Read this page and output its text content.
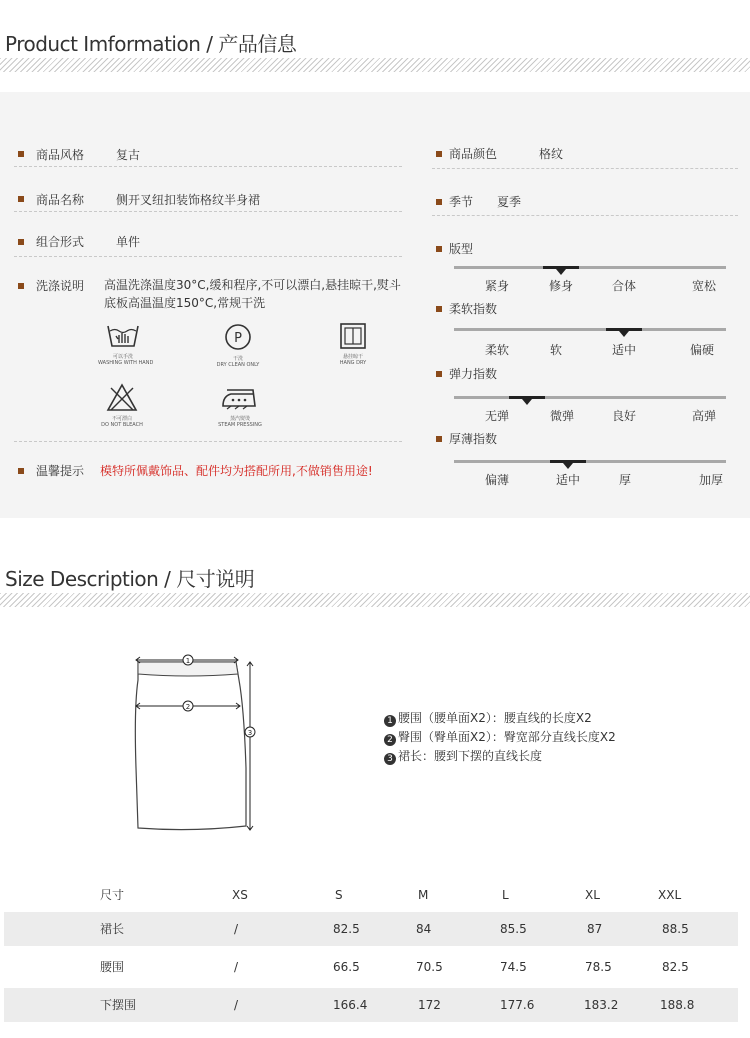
Product Imformation / 产品信息
商品风格	复古
商品名称	侧开叉纽扣装饰格纹半身裙
组合形式	单件
洗涤说明 高温洗涤温度30°C,缓和程序,不可以漂白,悬挂晾干,熨斗底板高温温度150°C,常规干洗
可以手洗
WASHING WITH HAND
P
干洗
DRY CLEAN ONLY
悬挂晾干
HANG DRY
不可漂白
DO NOT BLEACH
蒸汽熨烫
STEAM PRESSING
温馨提示 模特所佩戴饰品、配件均为搭配所用,不做销售用途!
商品颜色	格纹
季节 夏季
版型
紧身	修身	合体	宽松
柔软指数
柔软	软	适中	偏硬
弹力指数
无弹	微弹	良好	高弹
厚薄指数
偏薄	适中	厚	加厚
Size Description / 尺寸说明
1
2
3
1 腰围（腰单面X2）：腰直线的长度X2
2 臀围（臀单面X2）：臀宽部分直线长度X2
3 裙长：腰到下摆的直线长度
尺寸	XS	S	M	L	XL	XXL
裙长	/	82.5	84	85.5	87	88.5
腰围	/	66.5	70.5	74.5	78.5	82.5
下摆围	/	166.4	172	177.6	183.2	188.8
